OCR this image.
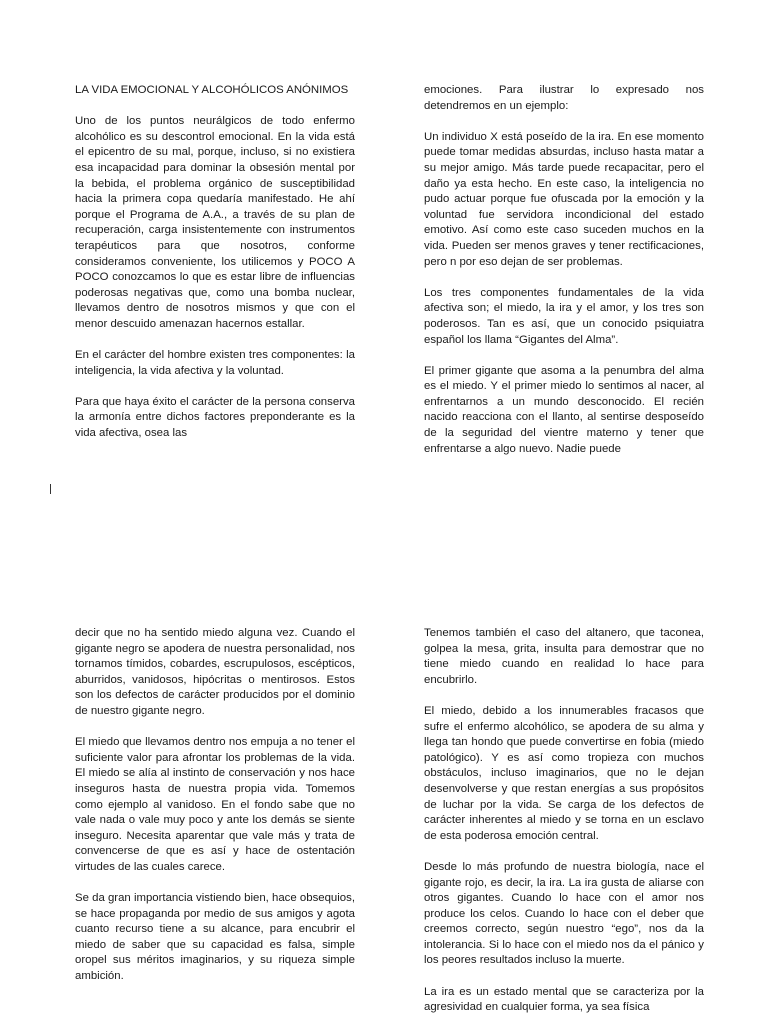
LA VIDA EMOCIONAL Y ALCOHÓLICOS ANÓNIMOS

Uno de los puntos neurálgicos de todo enfermo alcohólico es su descontrol emocional. En la vida está el epicentro de su mal, porque, incluso, si no existiera esa incapacidad para dominar la obsesión mental por la bebida, el problema orgánico de susceptibilidad hacia la primera copa quedaría manifestado. He ahí porque el Programa de A.A., a través de su plan de recuperación, carga insistentemente con instrumentos terapéuticos para que nosotros, conforme consideramos conveniente, los utilicemos y POCO A POCO conozcamos lo que es estar libre de influencias poderosas negativas que, como una bomba nuclear, llevamos dentro de nosotros mismos y que con el menor descuido amenazan hacernos estallar.

En el carácter del hombre existen tres componentes: la inteligencia, la vida afectiva y la voluntad.

Para que haya éxito el carácter de la persona conserva la armonía entre dichos factores preponderante es la vida afectiva, osea las

emociones. Para ilustrar lo expresado nos detendremos en un ejemplo:

Un individuo X está poseído de la ira. En ese momento puede tomar medidas absurdas, incluso hasta matar a su mejor amigo. Más tarde puede recapacitar, pero el daño ya esta hecho. En este caso, la inteligencia no pudo actuar porque fue ofuscada por la emoción y la voluntad fue servidora incondicional del estado emotivo. Así como este caso suceden muchos en la vida. Pueden ser menos graves y tener rectificaciones, pero n por eso dejan de ser problemas.

Los tres componentes fundamentales de la vida afectiva son; el miedo, la ira y el amor, y los tres son poderosos. Tan es así, que un conocido psiquiatra español los llama “Gigantes del Alma”.

El primer gigante que asoma a la penumbra del alma es el miedo. Y el primer miedo lo sentimos al nacer, al enfrentarnos a un mundo desconocido. El recién nacido reacciona con el llanto, al sentirse desposeído de la seguridad del vientre materno y tener que enfrentarse a algo nuevo. Nadie puede

decir que no ha sentido miedo alguna vez. Cuando el gigante negro se apodera de nuestra personalidad, nos tornamos tímidos, cobardes, escrupulosos, escépticos, aburridos, vanidosos, hipócritas o mentirosos. Estos son los defectos de carácter producidos por el dominio de nuestro gigante negro.

El miedo que llevamos dentro nos empuja a no tener el suficiente valor para afrontar los problemas de la vida. El miedo se alía al instinto de conservación y nos hace inseguros hasta de nuestra propia vida. Tomemos como ejemplo al vanidoso. En el fondo sabe que no vale nada o vale muy poco y ante los demás se siente inseguro. Necesita aparentar que vale más y trata de convencerse de que es así y hace de ostentación virtudes de las cuales carece.

Se da gran importancia vistiendo bien, hace obsequios, se hace propaganda por medio de sus amigos y agota cuanto recurso tiene a su alcance, para encubrir el miedo de saber que su capacidad es falsa, simple oropel sus méritos imaginarios, y su riqueza simple ambición.

Tenemos también el caso del altanero, que taconea, golpea la mesa, grita, insulta para demostrar que no tiene miedo cuando en realidad lo hace para encubrirlo.

El miedo, debido a los innumerables fracasos que sufre el enfermo alcohólico, se apodera de su alma y llega tan hondo que puede convertirse en fobia (miedo patológico). Y es así como tropieza con muchos obstáculos, incluso imaginarios, que no le dejan desenvolverse y que restan energías a sus propósitos de luchar por la vida. Se carga de los defectos de carácter inherentes al miedo y se torna en un esclavo de esta poderosa emoción central.

Desde lo más profundo de nuestra biología, nace el gigante rojo, es decir, la ira. La ira gusta de aliarse con otros gigantes. Cuando lo hace con el amor nos produce los celos. Cuando lo hace con el deber que creemos correcto, según nuestro “ego”, nos da la intolerancia. Si lo hace con el miedo nos da el pánico y los peores resultados incluso la muerte.

La ira es un estado mental que se caracteriza por la agresividad en cualquier forma, ya sea física
